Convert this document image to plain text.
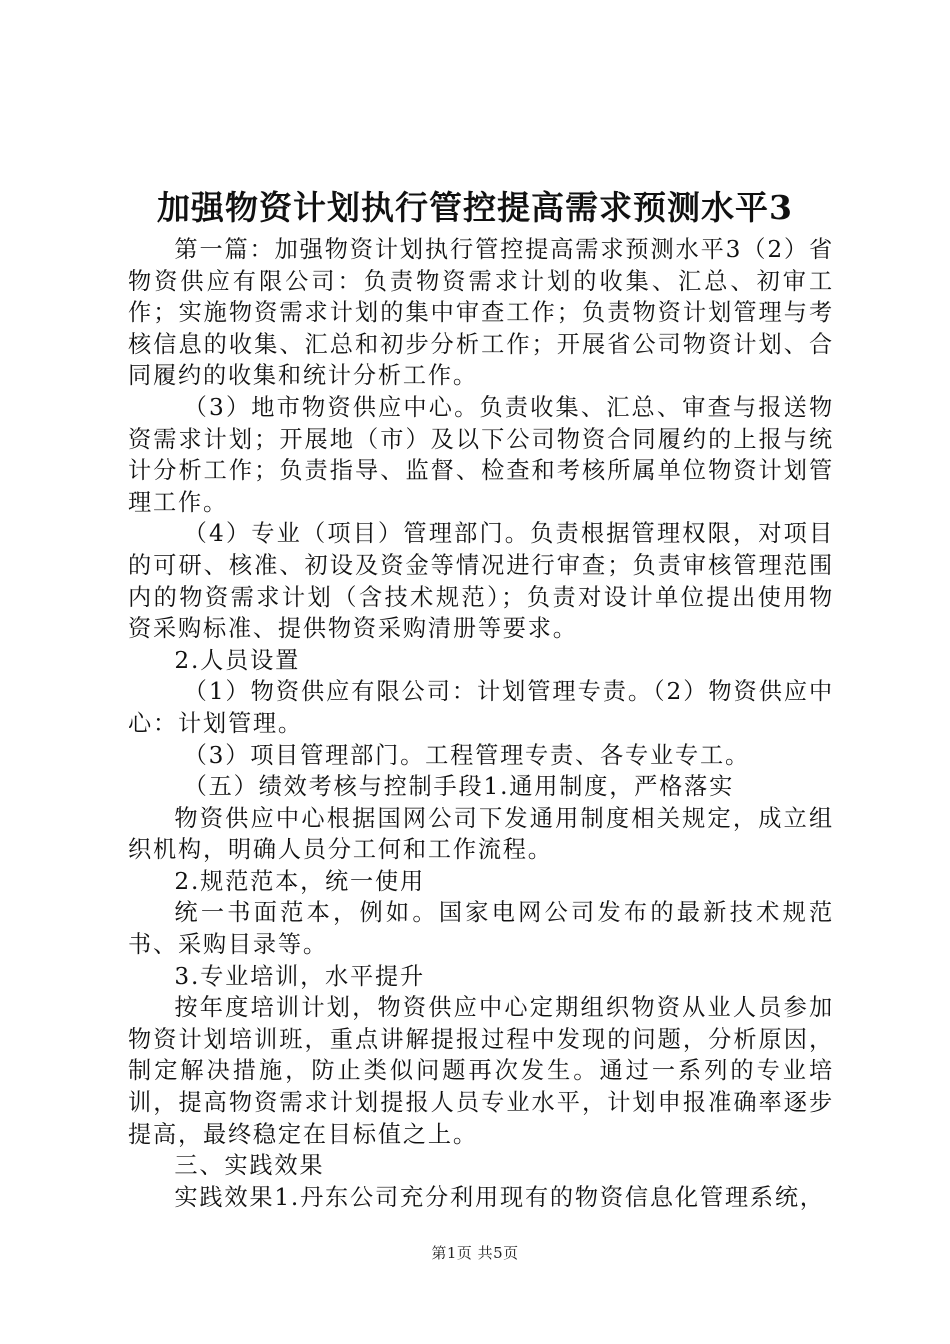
加强物资计划执行管控提高需求预测水平3

第一篇：加强物资计划执行管控提高需求预测水平3（2）省物资供应有限公司：负责物资需求计划的收集、汇总、初审工作；实施物资需求计划的集中审查工作；负责物资计划管理与考核信息的收集、汇总和初步分析工作；开展省公司物资计划、合同履约的收集和统计分析工作。

（3）地市物资供应中心。负责收集、汇总、审查与报送物资需求计划；开展地（市）及以下公司物资合同履约的上报与统计分析工作；负责指导、监督、检查和考核所属单位物资计划管理工作。

（4）专业（项目）管理部门。负责根据管理权限，对项目的可研、核准、初设及资金等情况进行审查；负责审核管理范围内的物资需求计划（含技术规范）；负责对设计单位提出使用物资采购标准、提供物资采购清册等要求。

2.人员设置

（1）物资供应有限公司：计划管理专责。（2）物资供应中心：计划管理。

（3）项目管理部门。工程管理专责、各专业专工。

（五）绩效考核与控制手段1.通用制度，严格落实

物资供应中心根据国网公司下发通用制度相关规定，成立组织机构，明确人员分工何和工作流程。

2.规范范本，统一使用

统一书面范本，例如。国家电网公司发布的最新技术规范书、采购目录等。

3.专业培训，水平提升

按年度培训计划，物资供应中心定期组织物资从业人员参加物资计划培训班，重点讲解提报过程中发现的问题，分析原因，制定解决措施，防止类似问题再次发生。通过一系列的专业培训，提高物资需求计划提报人员专业水平，计划申报准确率逐步提高，最终稳定在目标值之上。

三、实践效果

实践效果1.丹东公司充分利用现有的物资信息化管理系统，

第1页 共5页
